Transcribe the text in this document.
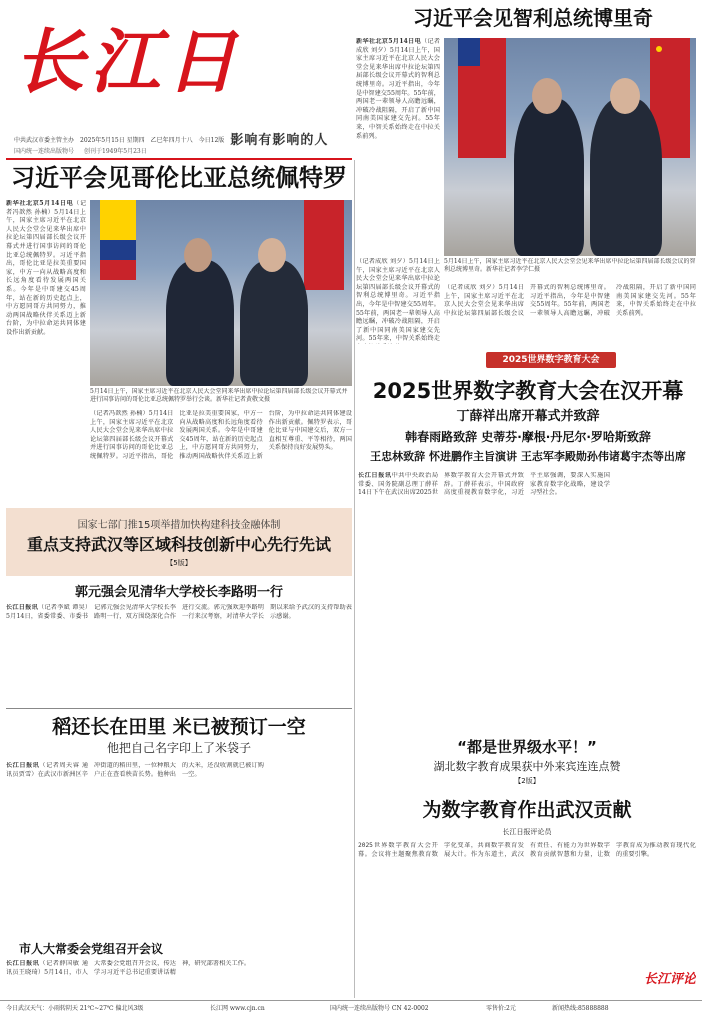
长江日
中共武汉市委主管主办 2025年5月15日 星期四 乙巳年四月十八 今日12版 影响有影响的人
国内统一连续出版物号 创刊于1949年5月23日
习近平会见智利总统博里奇
新华社北京5月14日电（记者成欣 刘夕）5月14日上午，国家主席习近平在北京人民大会堂会见来华出席中拉论坛第四届部长级会议开幕式的智利总统博里奇。习近平指出，今年是中智建交55周年。55年前，两国老一辈领导人高瞻远瞩，冲破冷战阻隔，开启了新中国同南美国家建交先河。55年来，中智关系始终走在中拉关系前列。
5月14日上午，国家主席习近平在北京人民大会堂会见来华出席中拉论坛第四届部长级会议的智利总统博里奇。新华社记者李学仁摄
（记者成欣 刘夕）5月14日上午，国家主席习近平在北京人民大会堂会见来华出席中拉论坛第四届部长级会议开幕式的智利总统博里奇。习近平指出，今年是中智建交55周年。55年前，两国老一辈领导人高瞻远瞩，冲破冷战阻隔，开启了新中国同南美国家建交先河。55年来，中智关系始终走
（记者成欣 刘夕）5月14日上午，国家主席习近平在北京人民大会堂会见来华出席中拉论坛第四届部长级会议开幕式的智利总统博里奇。习近平指出，今年是中智建交55周年。55年前，两国老一辈领导人高瞻远瞩，冲破冷战阻隔，开启了新中国同南美国家建交先河。55年来，中智关系始终走在中拉关系前列。
习近平会见哥伦比亚总统佩特罗
新华社北京5月14日电（记者冯歆然 孙楠）5月14日上午，国家主席习近平在北京人民大会堂会见来华出席中拉论坛第四届部长级会议开幕式并进行国事访问的哥伦比亚总统佩特罗。习近平指出，哥伦比亚是拉美重要国家，中方一向从战略高度和长远角度看待发展两国关系。今年是中哥建交45周年，站在新的历史起点上，中方愿同哥方共同努力，推动两国战略伙伴关系迈上新台阶，为中拉命运共同体建设作出新贡献。
5月14日上午，国家主席习近平在北京人民大会堂同来华出席中拉论坛第四届部长级会议开幕式并进行国事访问的哥伦比亚总统佩特罗举行会谈。新华社记者黄敬文摄
（记者冯歆然 孙楠）5月14日上午，国家主席习近平在北京人民大会堂会见来华出席中拉论坛第四届部长级会议开幕式并进行国事访问的哥伦比亚总统佩特罗。习近平指出，哥伦比亚是拉美重要国家，中方一向从战略高度和长远角度看待发展两国关系。今年是中哥建交45周年，站在新的历史起点上，中方愿同哥方共同努力，推动两国战略伙伴关系迈上新台阶，为中拉命运共同体建设作出新贡献。佩特罗表示，哥伦比亚与中国建交后，双方一直相互尊重、平等相待，两国关系保持良好发展势头。
国家七部门推15项举措加快构建科技金融体制
重点支持武汉等区域科技创新中心先行先试
【5版】
郭元强会见清华大学校长李路明一行
长江日报讯（记者李斌 谭昊）5月14日，省委常委、市委书记郭元强会见清华大学校长李路明一行，双方围绕深化合作进行交流。郭元强欢迎李路明一行来汉考察，对清华大学长期以来给予武汉的支持帮助表示感谢。
稻还长在田里 米已被预订一空
他把自己名字印上了米袋子
长江日报讯（记者周天睿 通讯员贾雪）在武汉市新洲区辛冲街道的稻田里，一位种粮大户正在查看秧苗长势。他种出的大米，还没收割就已被订购一空。
市人大常委会党组召开会议
长江日报讯（记者薛国敏 通讯员王晓琦）5月14日，市人大常委会党组召开会议，传达学习习近平总书记重要讲话精神，研究部署相关工作。
2025世界数字教育大会
2025世界数字教育大会在汉开幕
丁薛祥出席开幕式并致辞
韩春雨路致辞 史蒂芬·摩根·丹尼尔·罗哈斯致辞
王忠林致辞 怀进鹏作主旨演讲 王志军李殿勋孙伟诸葛宇杰等出席
长江日报讯中共中央政治局常委、国务院副总理丁薛祥14日下午在武汉出席2025世界数字教育大会开幕式并致辞。丁薛祥表示，中国政府高度重视教育数字化，习近平主席强调，要深入实施国家教育数字化战略，建设学习型社会。
“都是世界级水平！”
湖北数字教育成果获中外来宾连连点赞
【2版】
为数字教育作出武汉贡献
长江日报评论员
2025世界数字教育大会开幕。会议将主题聚焦教育数字化变革，共商数字教育发展大计。作为东道主，武汉有责任、有能力为世界数字教育贡献智慧和力量，让数字教育成为推动教育现代化的重要引擎。
长江评论
今日武汉天气：小雨转阴天 21℃~27℃ 偏北风3级	长江网 www.cjn.cn	国内统一连续出版物号 CN 42-0002	零售价:2元	新闻热线:85888888
